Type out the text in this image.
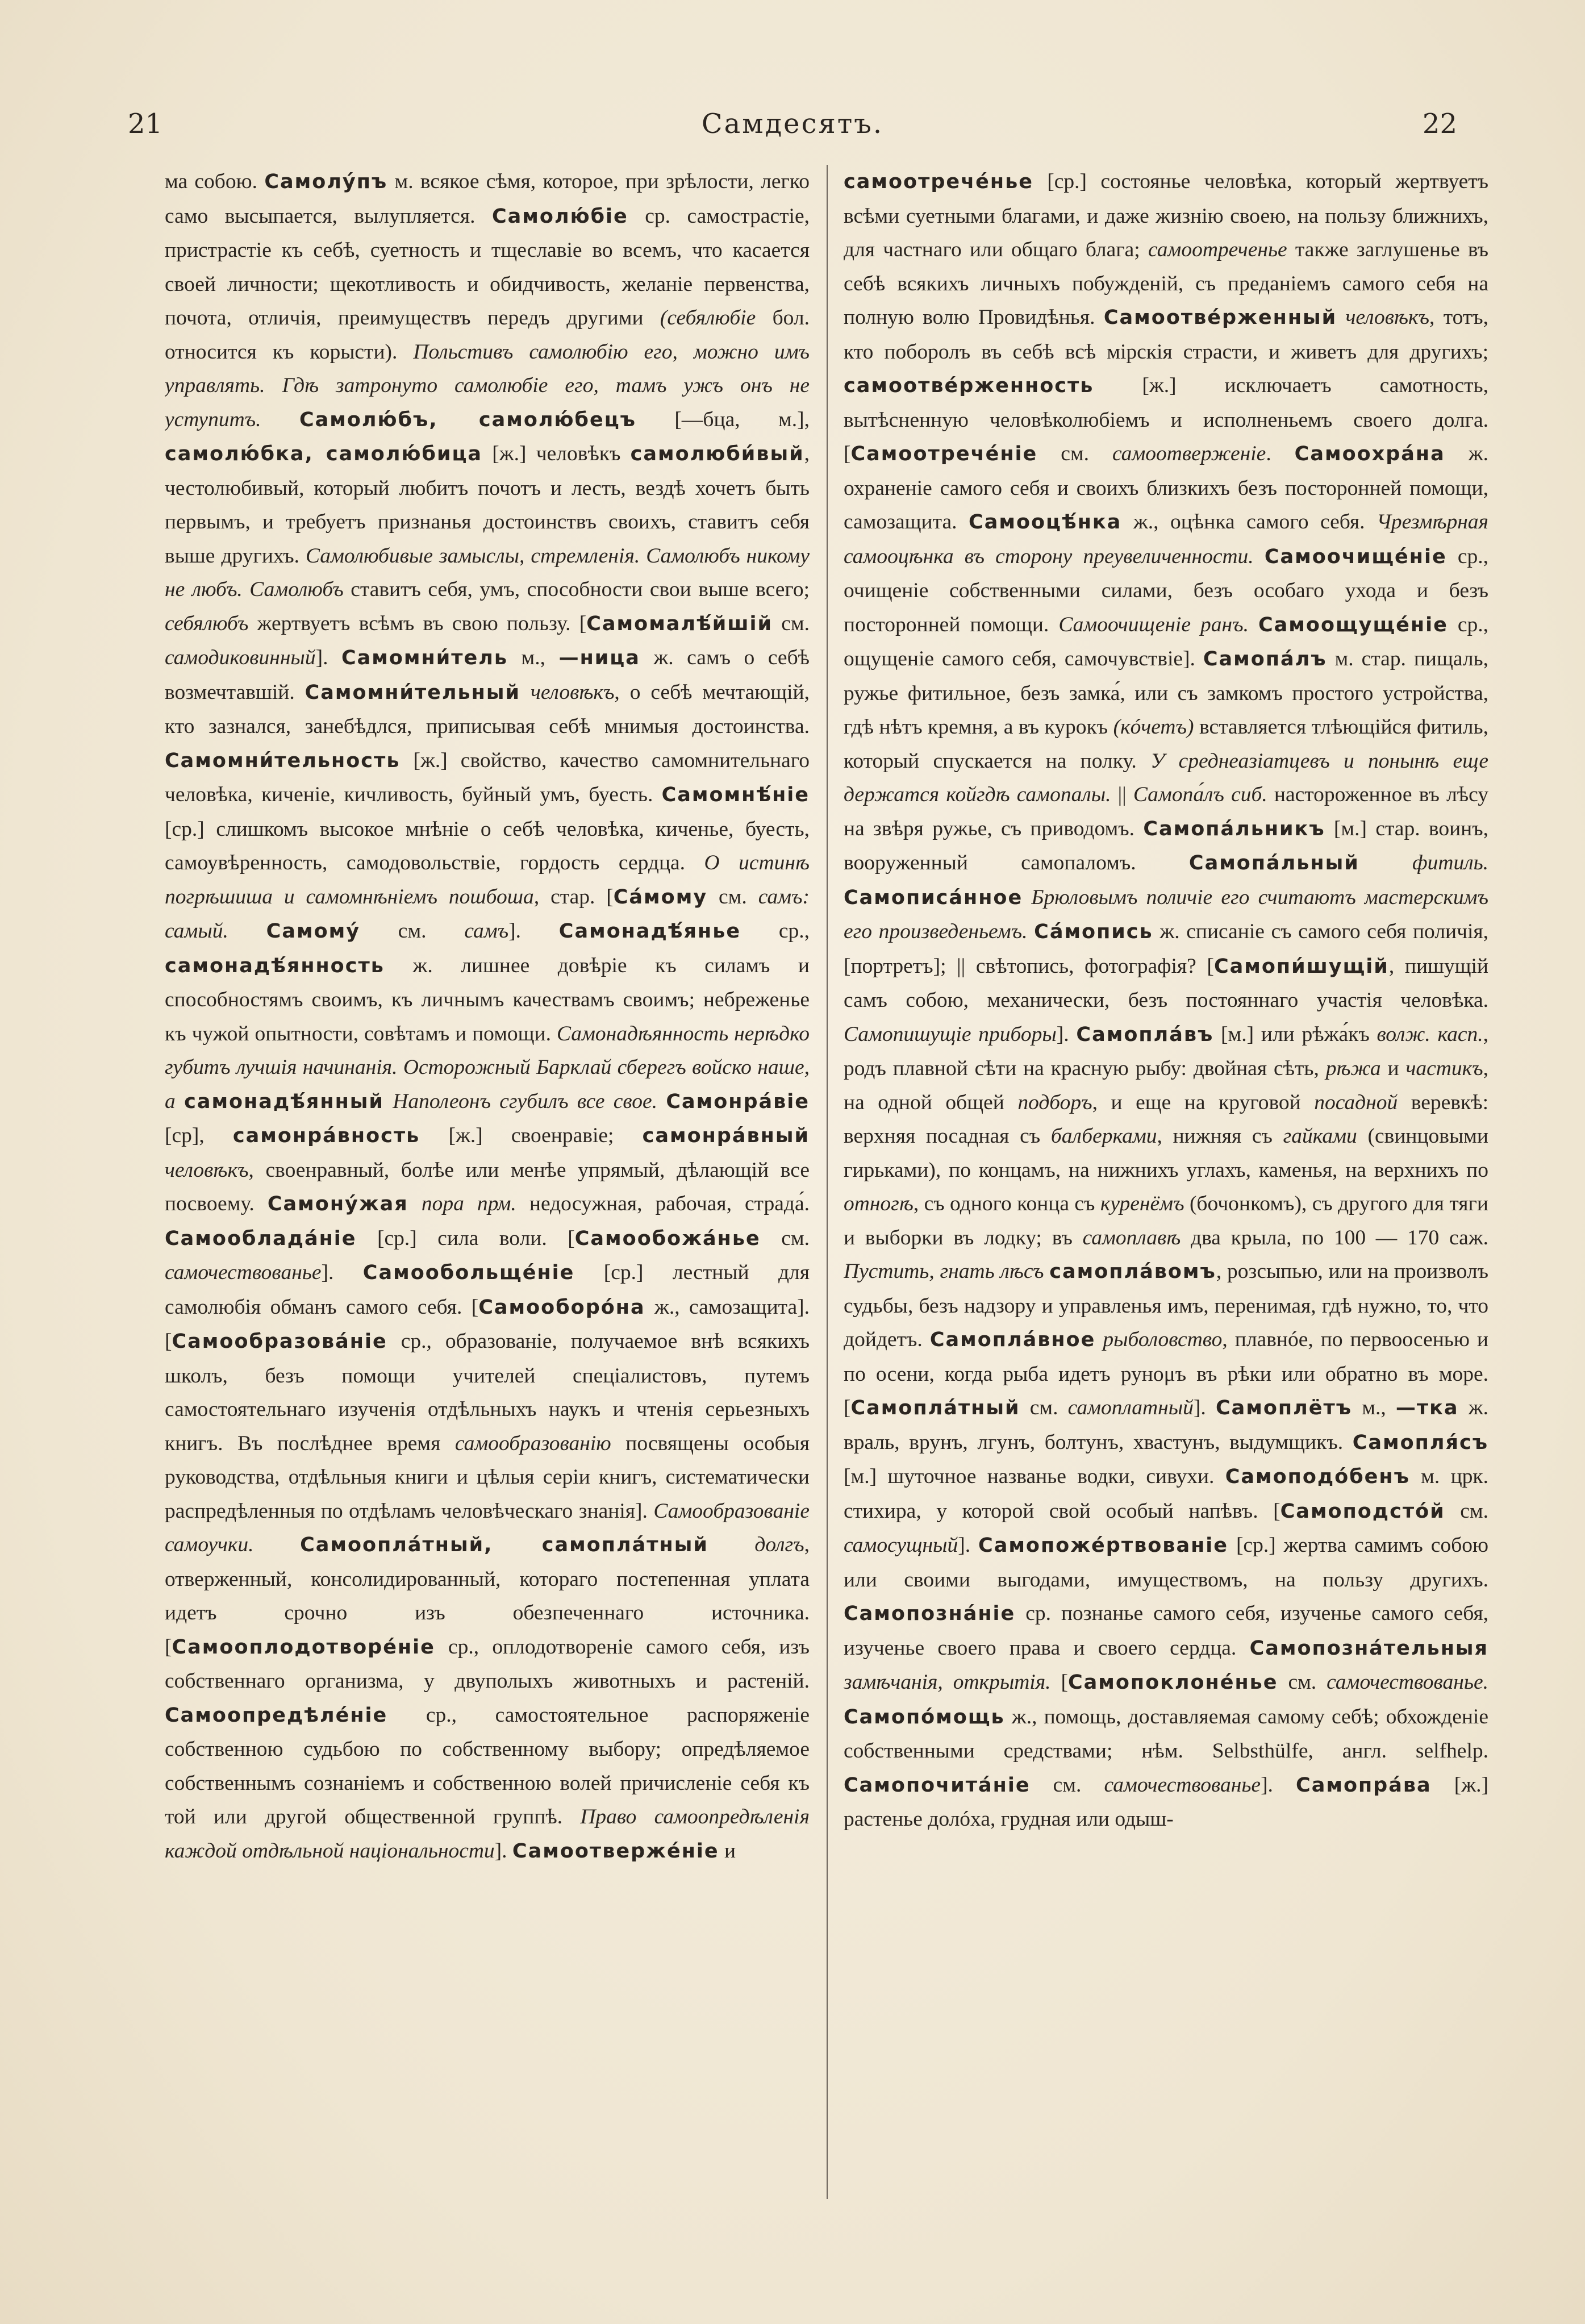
21	Самдесятъ.	22

ма собою. Самолу́пъ м. всякое сѣмя, которое, при зрѣлости, легко само высыпается, вылупляется. Самолю́біе ср. самострастіе, пристрастіе къ себѣ, суетность и тщеславіе во всемъ, что касается своей личности; щекотливость и обидчивость, желаніе первенства, почота, отличія, преимуществъ передъ другими (себялюбіе бол. относится къ корысти). Польстивъ самолюбію его, можно имъ управлять. Гдѣ затронуто самолюбіе его, тамъ ужъ онъ не уступитъ. Самолю́бъ, самолю́бецъ [—бца, м.], самолю́бка, самолю́бица [ж.] человѣкъ самолюби́вый, честолюбивый, который любитъ почотъ и лесть, вездѣ хочетъ быть первымъ, и требуетъ признанья достоинствъ своихъ, ставитъ себя выше другихъ. Самолюбивые замыслы, стремленія. Самолюбъ никому не любъ. Самолюбъ ставитъ себя, умъ, способности свои выше всего; себялюбъ жертвуетъ всѣмъ въ свою пользу. [Самомалѣ́йшій см. самодиковинный]. Самомни́тель м., —ница ж. самъ о себѣ возмечтавшій. Самомни́тельный человѣкъ, о себѣ мечтающій, кто зазнался, занебѣдлся, приписывая себѣ мнимыя достоинства. Самомни́тельность [ж.] свойство, качество самомнительнаго человѣка, киченіе, кичливость, буйный умъ, буесть. Самомнѣ́ніе [ср.] слишкомъ высокое мнѣніе о себѣ человѣка, киченье, буесть, самоувѣренность, самодовольствіе, гордость сердца. О истинѣ погрѣшиша и самомнѣніемъ пошбоша, стар. [Са́мому см. самъ: самый. Самому́ см. самъ]. Самонадѣ́янье ср., самонадѣ́янность ж. лишнее довѣріе къ силамъ и способностямъ своимъ, къ личнымъ качествамъ своимъ; небреженье къ чужой опытности, совѣтамъ и помощи. Самонадѣянность нерѣдко губитъ лучшія начинанія. Осторожный Барклай сберегъ войско наше, а самонадѣ́янный Наполеонъ сгубилъ все свое. Самонра́віе [ср], самонра́вность [ж.] своенравіе; самонра́вный человѣкъ, своенравный, болѣе или менѣе упрямый, дѣлающій все посвоему. Самону́жая пора прм. недосужная, рабочая, страда́. Самооблада́ніе [ср.] сила воли. [Самообожа́нье см. самочествованье]. Самообольще́ніе [ср.] лестный для самолюбія обманъ самого себя. [Самооборо́на ж., самозащита]. [Самообразова́ніе ср., образованіе, получаемое внѣ всякихъ школъ, безъ помощи учителей спеціалистовъ, путемъ самостоятельнаго изученія отдѣльныхъ наукъ и чтенія серьезныхъ книгъ. Въ послѣднее время самообразованію посвящены особыя руководства, отдѣльныя книги и цѣлыя серіи книгъ, систематически распредѣленныя по отдѣламъ человѣческаго знанія]. Самообразованіе самоучки. Самоопла́тный, самопла́тный долгъ, отверженный, консолидированный, котораго постепенная уплата идетъ срочно изъ обезпеченнаго источника. [Самооплодотворе́ніе ср., оплодотвореніе самого себя, изъ собственнаго организма, у двуполыхъ животныхъ и растеній. Самоопредѣле́ніе ср., самостоятельное распоряженіе собственною судьбою по собственному выбору; опредѣляемое собственнымъ сознаніемъ и собственною волей причисленіе себя къ той или другой общественной группѣ. Право самоопредѣленія каждой отдѣльной національности]. Самоотверже́ніе и

самоотрече́нье [ср.] состоянье человѣка, который жертвуетъ всѣми суетными благами, и даже жизнію своею, на пользу ближнихъ, для частнаго или общаго блага; самоотреченье также заглушенье въ себѣ всякихъ личныхъ побужденій, съ преданіемъ самого себя на полную волю Провидѣнья. Самоотве́рженный человѣкъ, тотъ, кто поборолъ въ себѣ всѣ мірскія страсти, и живетъ для другихъ; самоотве́рженность [ж.] исключаетъ самотность, вытѣсненную человѣколюбіемъ и исполненьемъ своего долга. [Самоотрече́ніе см. самоотверженіе. Самоохра́на ж. охраненіе самого себя и своихъ близкихъ безъ посторонней помощи, самозащита. Самооцѣ́нка ж., оцѣнка самого себя. Чрезмѣрная самооцѣнка въ сторону преувеличенности. Самоочище́ніе ср., очищеніе собственными силами, безъ особаго ухода и безъ посторонней помощи. Самоочищеніе ранъ. Самоощуще́ніе ср., ощущеніе самого себя, самочувствіе]. Самопа́лъ м. стар. пищаль, ружье фитильное, безъ замка́, или съ замкомъ простого устройства, гдѣ нѣтъ кремня, а въ курокъ (кóчетъ) вставляется тлѣющійся фитиль, который спускается на полку. У среднеазіатцевъ и понынѣ еще держатся койгдѣ самопалы. || Самопа́лъ сиб. настороженное въ лѣсу на звѣря ружье, съ приводомъ. Самопа́льникъ [м.] стар. воинъ, вооруженный самопаломъ. Самопа́льный фитиль. Самописа́нное Брюловымъ поличіе его считаютъ мастерскимъ его произведеньемъ. Са́мопись ж. списаніе съ самого себя поличія, [портретъ]; || свѣтопись, фотографія? [Самопи́шущій, пишущій самъ собою, механически, безъ постояннаго участія человѣка. Самопишущіе приборы]. Самопла́въ [м.] или рѣжа́къ волж. касп., родъ плавной сѣти на красную рыбу: двойная сѣть, рѣжа и частикъ, на одной общей подборъ, и еще на круговой посадной веревкѣ: верхняя посадная съ балберками, нижняя съ гайками (свинцовыми гирьками), по концамъ, на нижнихъ углахъ, каменья, на верхнихъ по отногѣ, съ одного конца съ куренёмъ (бочонкомъ), съ другого для тяги и выборки въ лодку; въ самоплавѣ два крыла, по 100 — 170 саж. Пустить, гнать лѣсъ самопла́вомъ, розсыпью, или на произволъ судьбы, безъ надзору и управленья имъ, перенимая, гдѣ нужно, то, что дойдетъ. Самопла́вное рыболовство, плавнóе, по первоосенью и по осени, когда рыба идетъ рунομъ въ рѣки или обратно въ море. [Самопла́тный см. самоплатный]. Самоплётъ м., —тка ж. враль, врунъ, лгунъ, болтунъ, хвастунъ, выдумщикъ. Самопля́съ [м.] шуточное названье водки, сивухи. Самоподо́бенъ м. црк. стихира, у которой свой особый напѣвъ. [Самоподсто́й см. самосущный]. Самопоже́ртвованіе [ср.] жертва самимъ собою или своими выгодами, имуществомъ, на пользу другихъ. Самопозна́ніе ср. познанье самого себя, изученье самого себя, изученье своего права и своего сердца. Самопозна́тельныя замѣчанія, открытія. [Самопоклоне́нье см. самочествованье. Самопо́мощь ж., помощь, доставляемая самому себѣ; обхожденіе собственными средствами; нѣм. Selbsthülfe, англ. selfhelp. Самопочита́ніе см. самочествованье]. Самопра́ва [ж.] растенье долóха, грудная или одыш-
